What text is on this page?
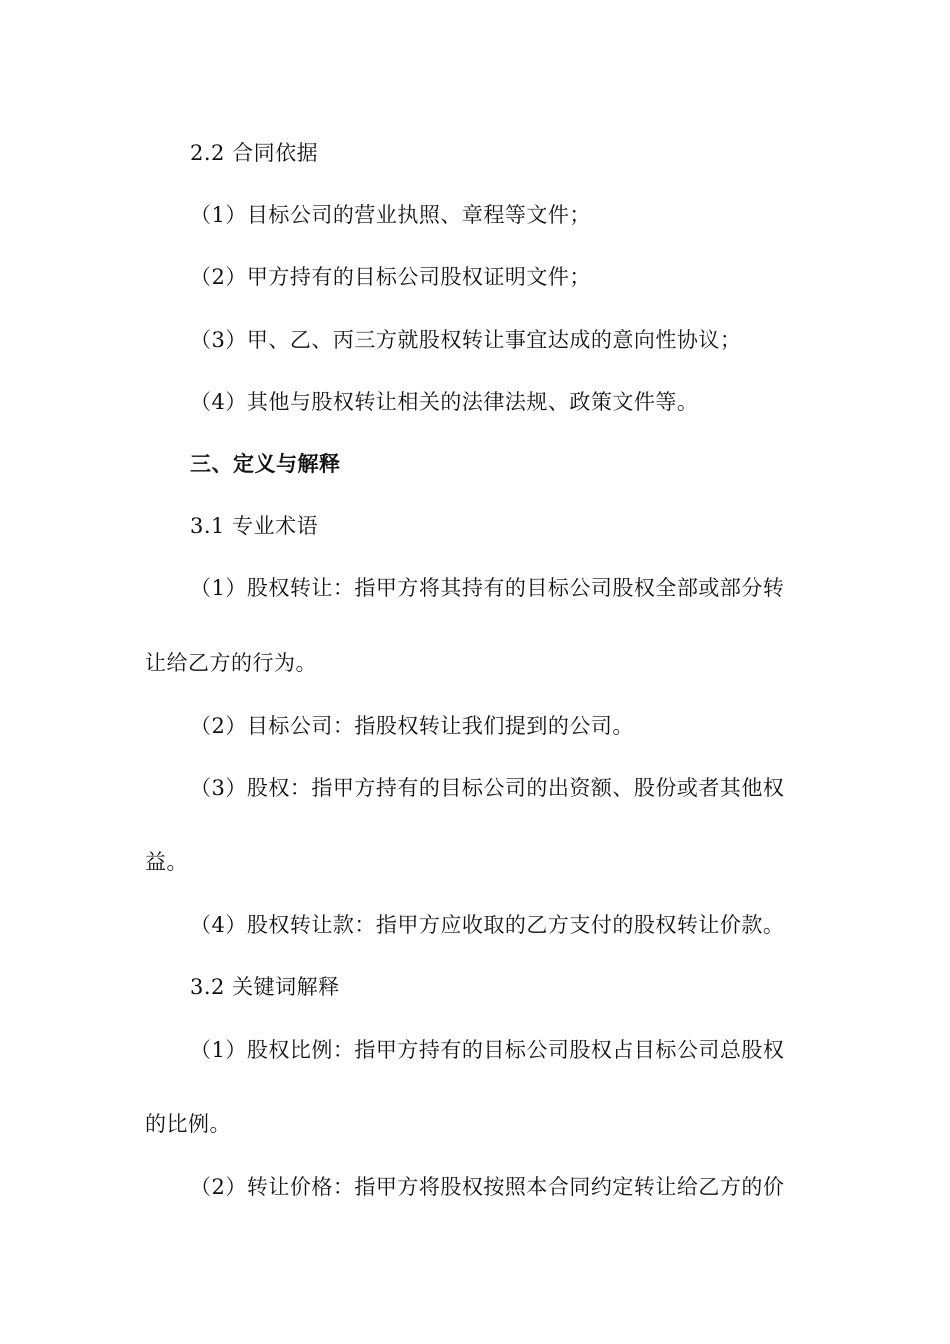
2.2 合同依据
（1）目标公司的营业执照、章程等文件；
（2）甲方持有的目标公司股权证明文件；
（3）甲、乙、丙三方就股权转让事宜达成的意向性协议；
（4）其他与股权转让相关的法律法规、政策文件等。
三、定义与解释
3.1 专业术语
（1）股权转让：指甲方将其持有的目标公司股权全部或部分转
让给乙方的行为。
（2）目标公司：指股权转让我们提到的公司。
（3）股权：指甲方持有的目标公司的出资额、股份或者其他权
益。
（4）股权转让款：指甲方应收取的乙方支付的股权转让价款。
3.2 关键词解释
（1）股权比例：指甲方持有的目标公司股权占目标公司总股权
的比例。
（2）转让价格：指甲方将股权按照本合同约定转让给乙方的价
